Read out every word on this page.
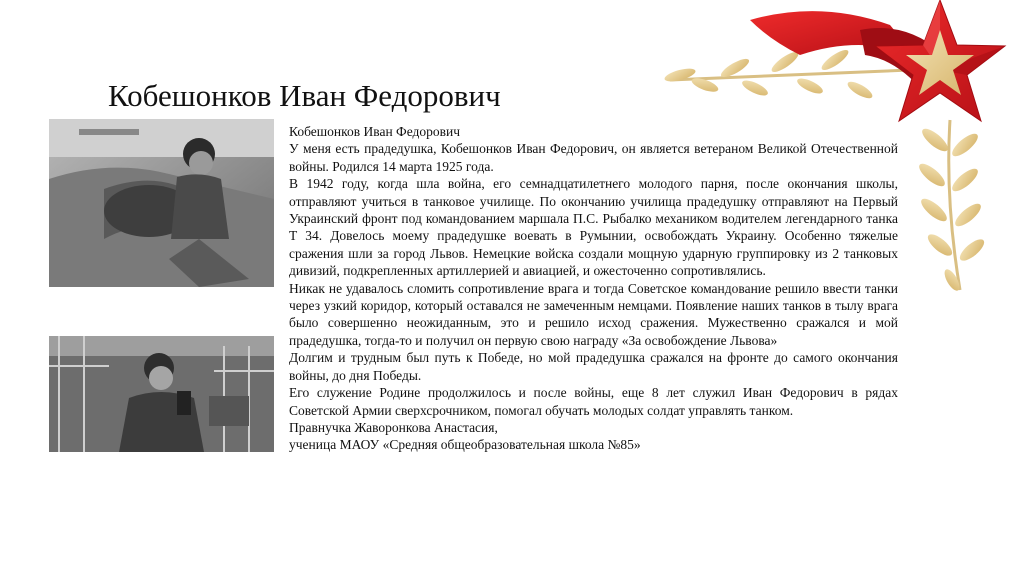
Кобешонков Иван Федорович

Кобешонков Иван Федорович

У меня есть прадедушка, Кобешонков Иван Федорович, он является ветераном Великой Отечественной войны. Родился 14 марта 1925 года.

В 1942 году, когда шла война, его семнадцатилетнего молодого парня, после окончания школы, отправляют учиться в танковое училище. По окончанию училища прадедушку отправляют на Первый Украинский фронт под командованием маршала П.С. Рыбалко механиком водителем легендарного танка Т 34. Довелось моему прадедушке воевать в Румынии, освобождать Украину. Особенно тяжелые сражения шли за город Львов. Немецкие войска создали мощную ударную группировку из 2 танковых дивизий, подкрепленных артиллерией и авиацией, и ожесточенно сопротивлялись.

Никак не удавалось сломить сопротивление врага и тогда Советское командование решило ввести танки через узкий коридор, который оставался не замеченным немцами. Появление наших танков в тылу врага было совершенно неожиданным, это и решило исход сражения. Мужественно сражался и мой прадедушка, тогда-то и получил он первую свою награду «За освобождение Львова»

Долгим и трудным был путь к Победе, но мой прадедушка сражался на фронте до самого окончания войны, до дня Победы.

Его служение Родине продолжилось и после войны, еще 8 лет служил Иван Федорович в рядах Советской Армии сверхсрочником, помогал обучать молодых солдат управлять танком.

Правнучка Жаворонкова Анастасия,

ученица МАОУ «Средняя общеобразовательная школа №85»
